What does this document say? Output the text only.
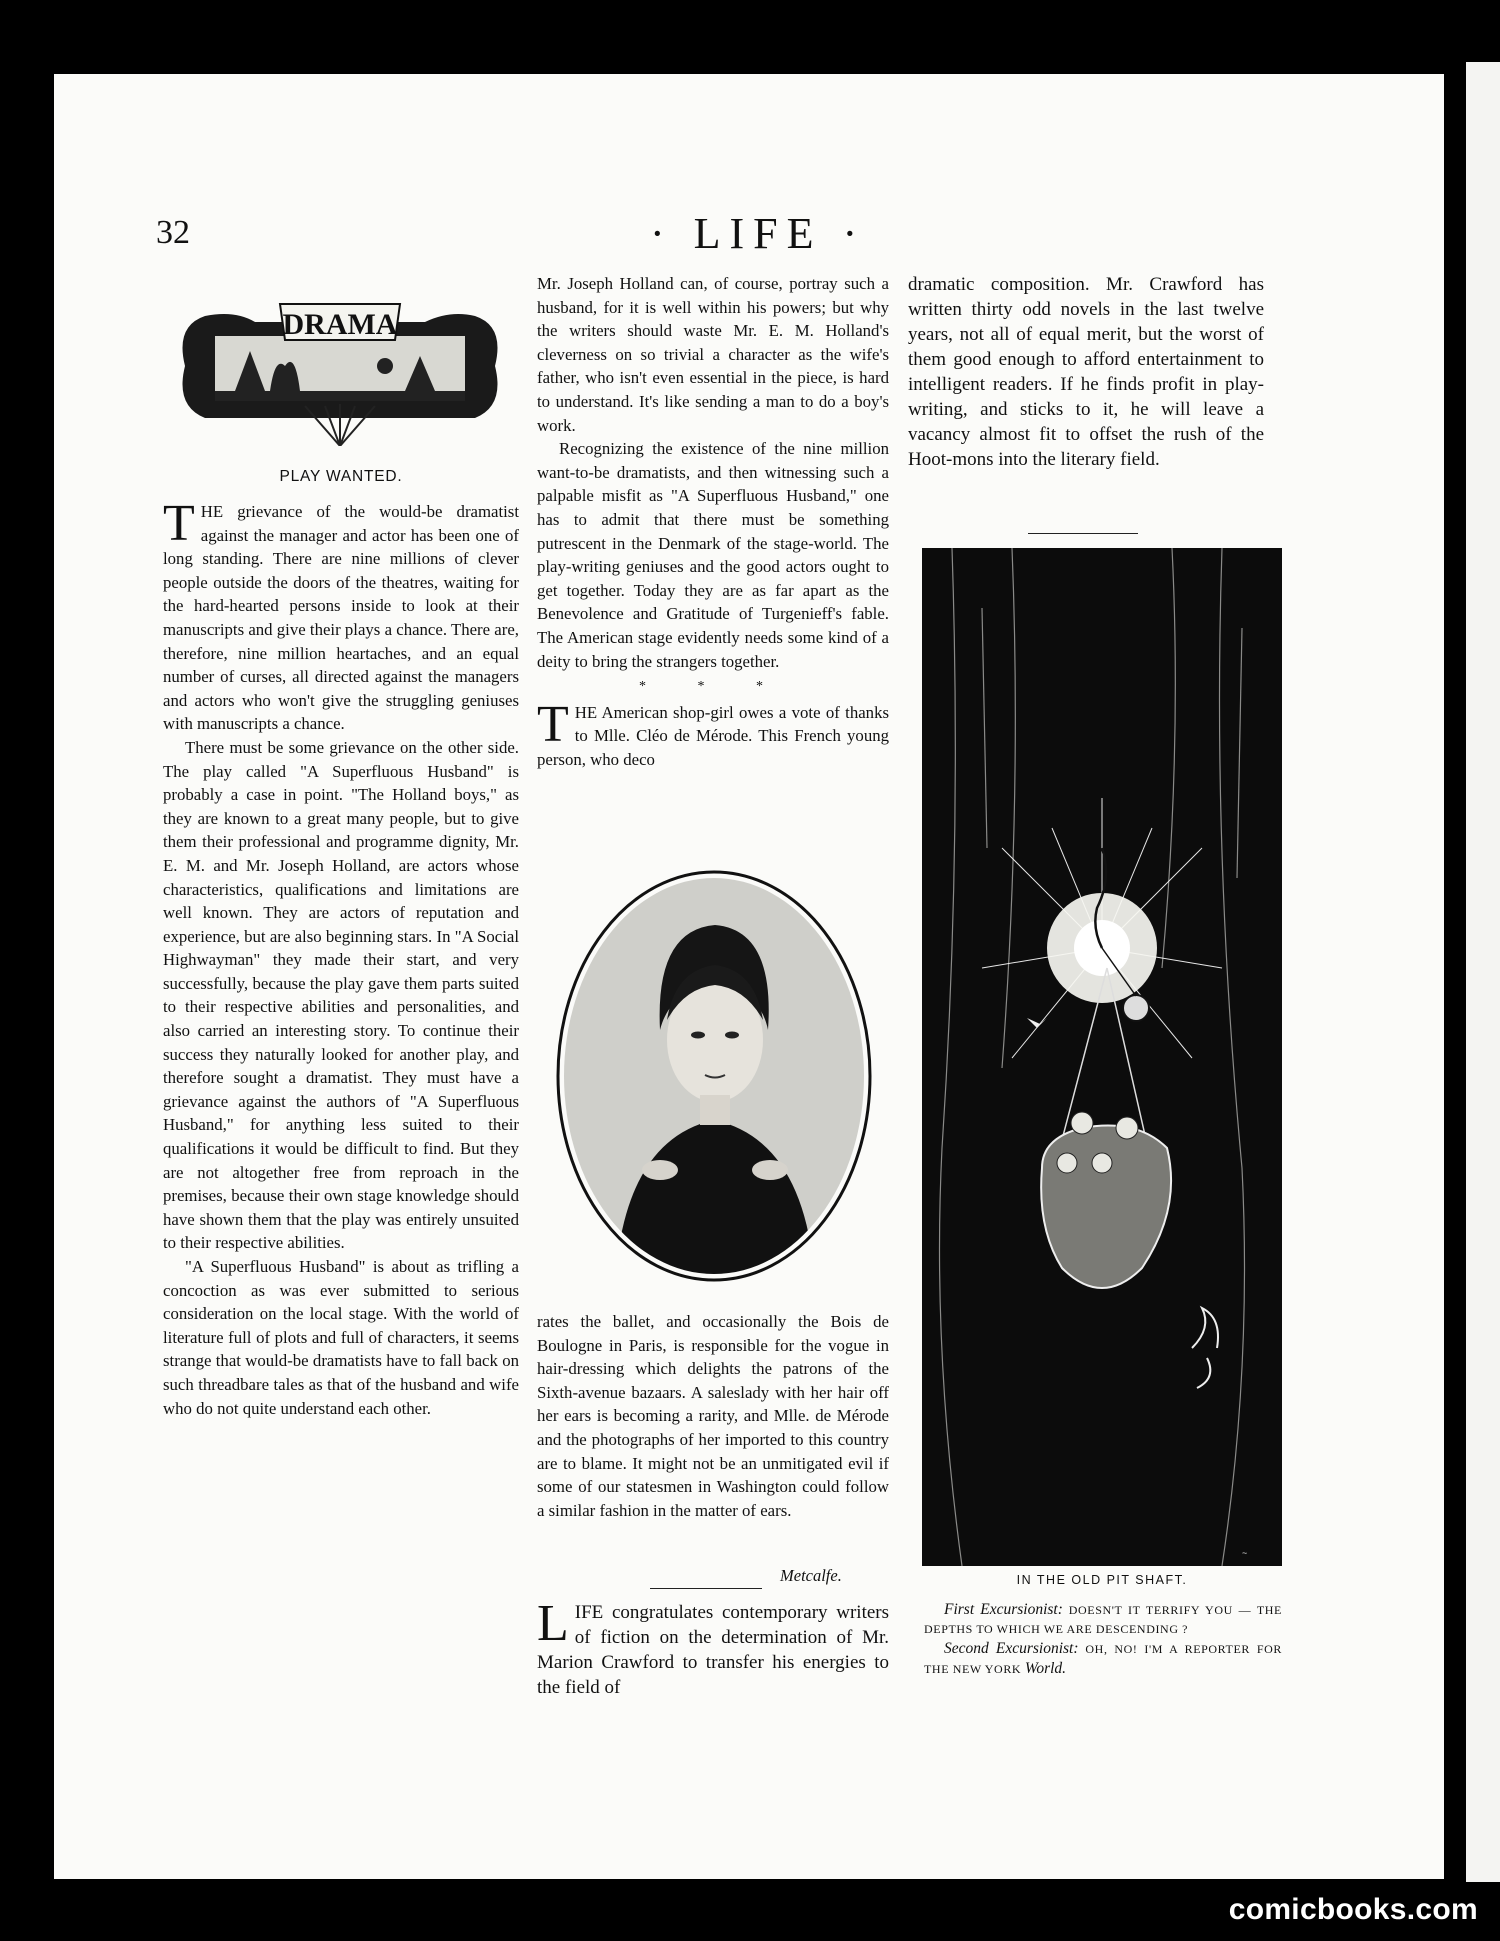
32	· LIFE ·
DRAMA
PLAY WANTED.

THE grievance of the would-be dramatist against the manager and actor has been one of long standing. There are nine millions of clever people outside the doors of the theatres, waiting for the hard-hearted persons inside to look at their manuscripts and give their plays a chance. There are, therefore, nine million heartaches, and an equal number of curses, all directed against the managers and actors who won't give the struggling geniuses with manuscripts a chance.

There must be some grievance on the other side. The play called "A Superfluous Husband" is probably a case in point. "The Holland boys," as they are known to a great many people, but to give them their professional and programme dignity, Mr. E. M. and Mr. Joseph Holland, are actors whose characteristics, qualifications and limitations are well known. They are actors of reputation and experience, but are also beginning stars. In "A Social Highwayman" they made their start, and very successfully, because the play gave them parts suited to their respective abilities and personalities, and also carried an interesting story. To continue their success they naturally looked for another play, and therefore sought a dramatist. They must have a grievance against the authors of "A Superfluous Husband," for anything less suited to their qualifications it would be difficult to find. But they are not altogether free from reproach in the premises, because their own stage knowledge should have shown them that the play was entirely unsuited to their respective abilities.

"A Superfluous Husband" is about as trifling a concoction as was ever submitted to serious consideration on the local stage. With the world of literature full of plots and full of characters, it seems strange that would-be dramatists have to fall back on such threadbare tales as that of the husband and wife who do not quite understand each other.

Mr. Joseph Holland can, of course, portray such a husband, for it is well within his powers; but why the writers should waste Mr. E. M. Holland's cleverness on so trivial a character as the wife's father, who isn't even essential in the piece, is hard to understand. It's like sending a man to do a boy's work.

Recognizing the existence of the nine million want-to-be dramatists, and then witnessing such a palpable misfit as "A Superfluous Husband," one has to admit that there must be something putrescent in the Denmark of the stage-world. The play-writing geniuses and the good actors ought to get together. Today they are as far apart as the Benevolence and Gratitude of Turgenieff's fable. The American stage evidently needs some kind of a deity to bring the strangers together.

* * *

THE American shop-girl owes a vote of thanks to Mlle. Cléo de Mérode. This French young person, who deco

rates the ballet, and occasionally the Bois de Boulogne in Paris, is responsible for the vogue in hair-dressing which delights the patrons of the Sixth-avenue bazaars. A saleslady with her hair off her ears is becoming a rarity, and Mlle. de Mérode and the photographs of her imported to this country are to blame. It might not be an unmitigated evil if some of our statesmen in Washington could follow a similar fashion in the matter of ears.

Metcalfe.

LIFE congratulates contemporary writers of fiction on the determination of Mr. Marion Crawford to transfer his energies to the field of

dramatic composition. Mr. Crawford has written thirty odd novels in the last twelve years, not all of equal merit, but the worst of them good enough to afford entertainment to intelligent readers. If he finds profit in play-writing, and sticks to it, he will leave a vacancy almost fit to offset the rush of the Hoot-mons into the literary field.

~
IN THE OLD PIT SHAFT.

First Excursionist: DOESN'T IT TERRIFY YOU — THE DEPTHS TO WHICH WE ARE DESCENDING ?

Second Excursionist: OH, NO! I'M A REPORTER FOR THE NEW YORK World.

comicbooks.com
